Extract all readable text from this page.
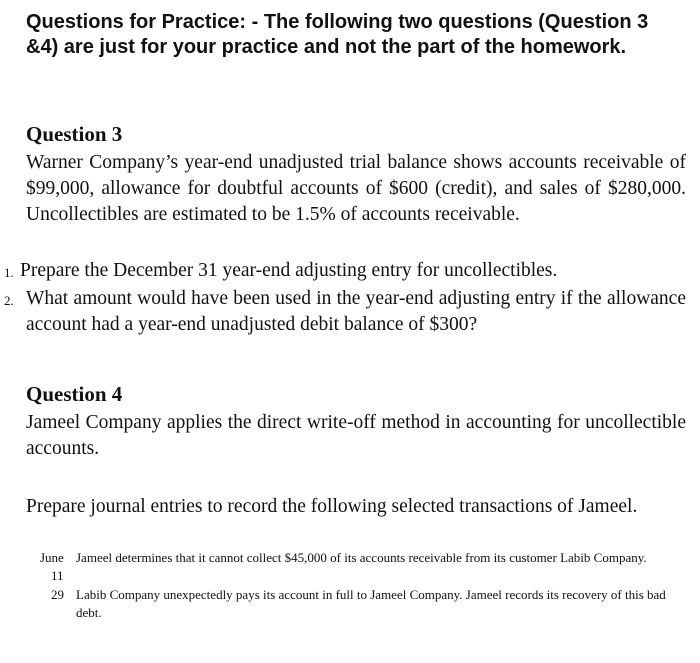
Questions for Practice: - The following two questions (Question 3 &4) are just for your practice and not the part of the homework.
Question 3

Warner Company’s year-end unadjusted trial balance shows accounts receivable of $99,000, allowance for doubtful accounts of $600 (credit), and sales of $280,000. Uncollectibles are estimated to be 1.5% of accounts receivable.

1. Prepare the December 31 year-end adjusting entry for uncollectibles.
2. What amount would have been used in the year-end adjusting entry if the allowance account had a year-end unadjusted debit balance of $300?
Question 4

Jameel Company applies the direct write-off method in accounting for uncollectible accounts.

Prepare journal entries to record the following selected transactions of Jameel.

June
11
Jameel determines that it cannot collect $45,000 of its accounts receivable from its customer Labib Company.
29 Labib Company unexpectedly pays its account in full to Jameel Company. Jameel records its recovery of this bad debt.
